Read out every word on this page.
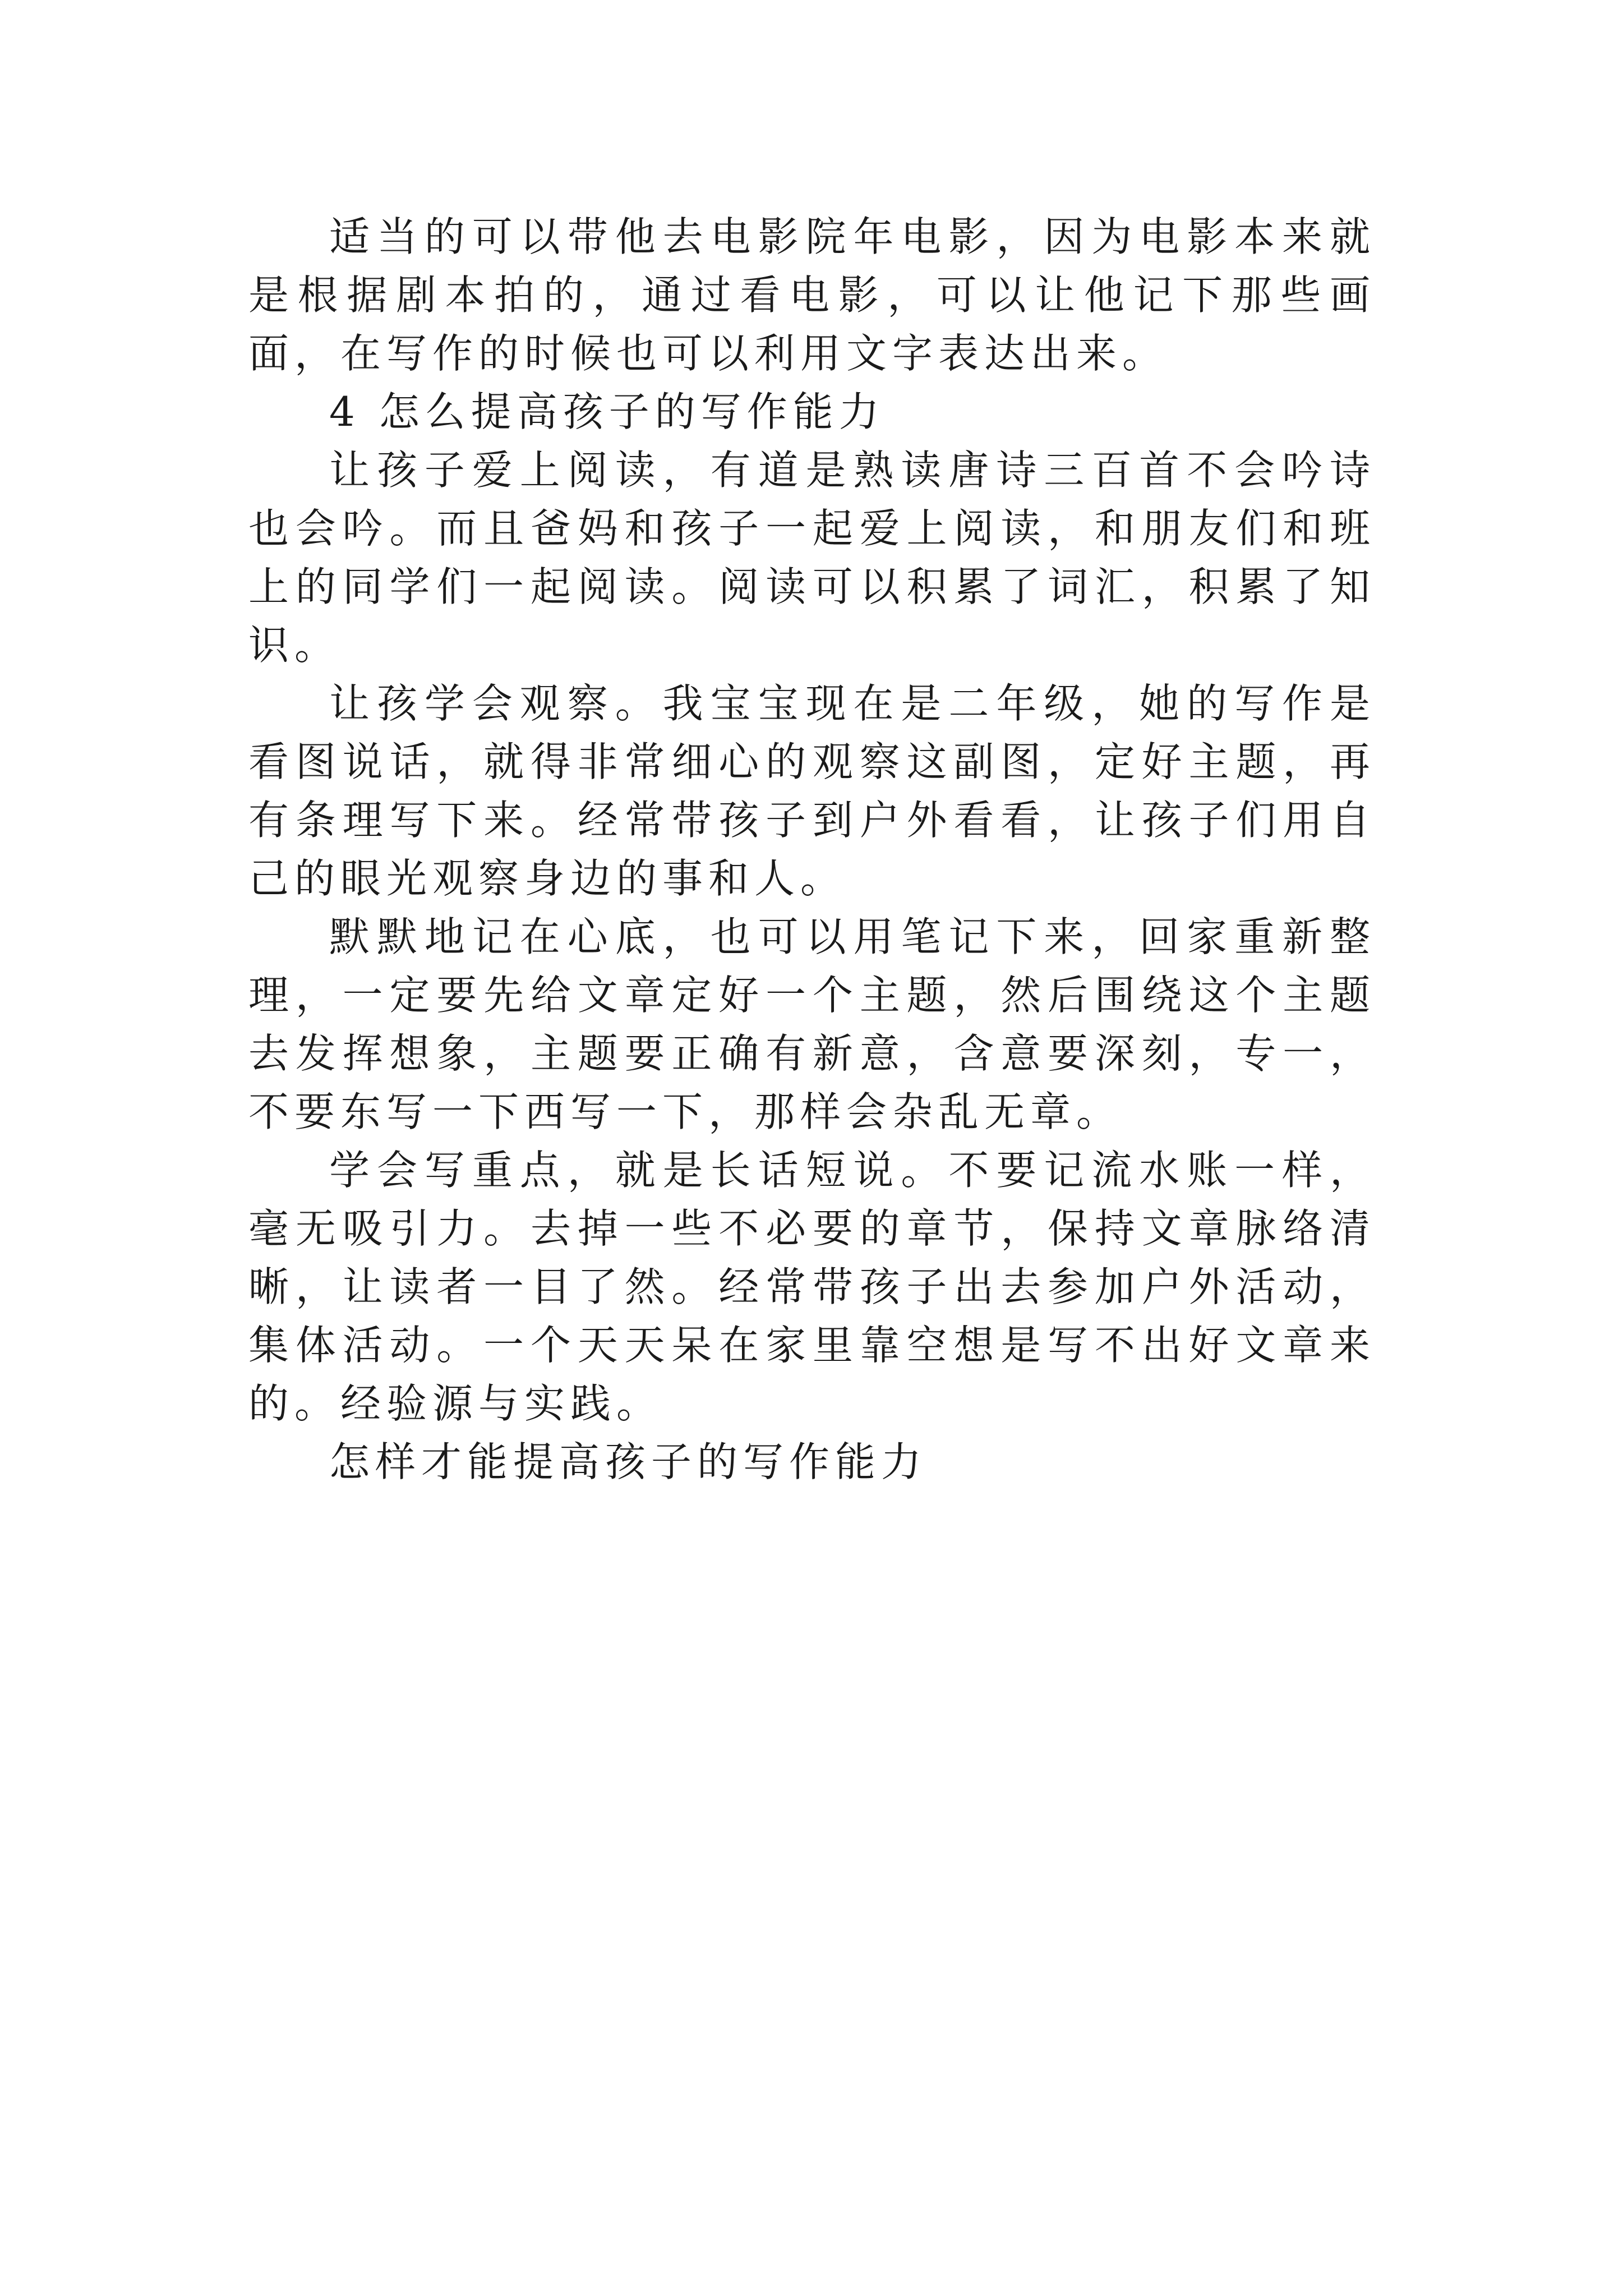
适当的可以带他去电影院年电影，因为电影本来就是根据剧本拍的，通过看电影，可以让他记下那些画面，在写作的时候也可以利用文字表达出来。

4 怎么提高孩子的写作能力

让孩子爱上阅读，有道是熟读唐诗三百首不会吟诗也会吟。而且爸妈和孩子一起爱上阅读，和朋友们和班上的同学们一起阅读。阅读可以积累了词汇，积累了知识。

让孩学会观察。我宝宝现在是二年级，她的写作是看图说话，就得非常细心的观察这副图，定好主题，再有条理写下来。经常带孩子到户外看看，让孩子们用自己的眼光观察身边的事和人。

默默地记在心底，也可以用笔记下来，回家重新整理，一定要先给文章定好一个主题，然后围绕这个主题去发挥想象，主题要正确有新意，含意要深刻，专一，不要东写一下西写一下，那样会杂乱无章。

学会写重点，就是长话短说。不要记流水账一样，毫无吸引力。去掉一些不必要的章节，保持文章脉络清晰，让读者一目了然。经常带孩子出去参加户外活动，集体活动。一个天天呆在家里靠空想是写不出好文章来的。经验源与实践。

怎样才能提高孩子的写作能力
